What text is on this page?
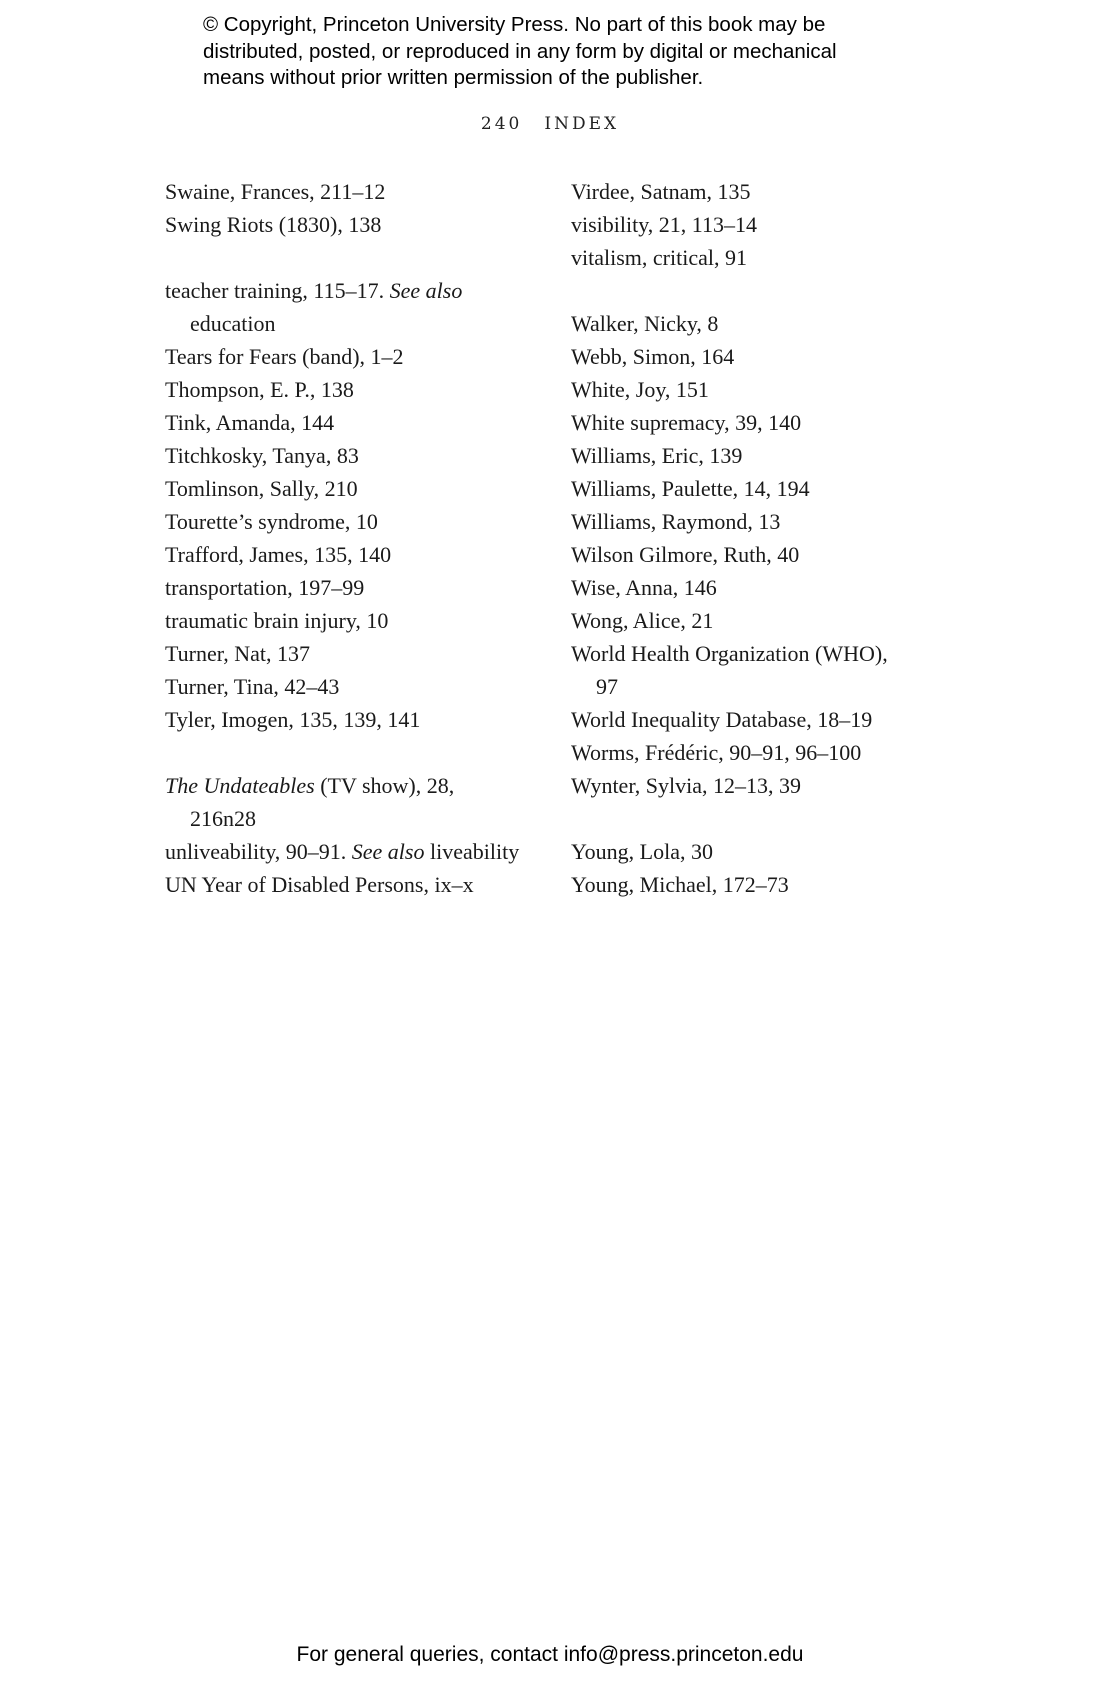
© Copyright, Princeton University Press. No part of this book may be
distributed, posted, or reproduced in any form by digital or mechanical
means without prior written permission of the publisher.
240 INDEX

Swaine, Frances, 211–12

Swing Riots (1830), 138

teacher training, 115–17. See also
education

Tears for Fears (band), 1–2

Thompson, E. P., 138

Tink, Amanda, 144

Titchkosky, Tanya, 83

Tomlinson, Sally, 210

Tourette’s syndrome, 10

Trafford, James, 135, 140

transportation, 197–99

traumatic brain injury, 10

Turner, Nat, 137

Turner, Tina, 42–43

Tyler, Imogen, 135, 139, 141

The Undateables (TV show), 28,
216n28

unliveability, 90–91. See also liveability

UN Year of Disabled Persons, ix–x

Virdee, Satnam, 135

visibility, 21, 113–14

vitalism, critical, 91

Walker, Nicky, 8

Webb, Simon, 164

White, Joy, 151

White supremacy, 39, 140

Williams, Eric, 139

Williams, Paulette, 14, 194

Williams, Raymond, 13

Wilson Gilmore, Ruth, 40

Wise, Anna, 146

Wong, Alice, 21

World Health Organization (WHO),
97

World Inequality Database, 18–19

Worms, Frédéric, 90–91, 96–100

Wynter, Sylvia, 12–13, 39

Young, Lola, 30

Young, Michael, 172–73

For general queries, contact info@press.princeton.edu
